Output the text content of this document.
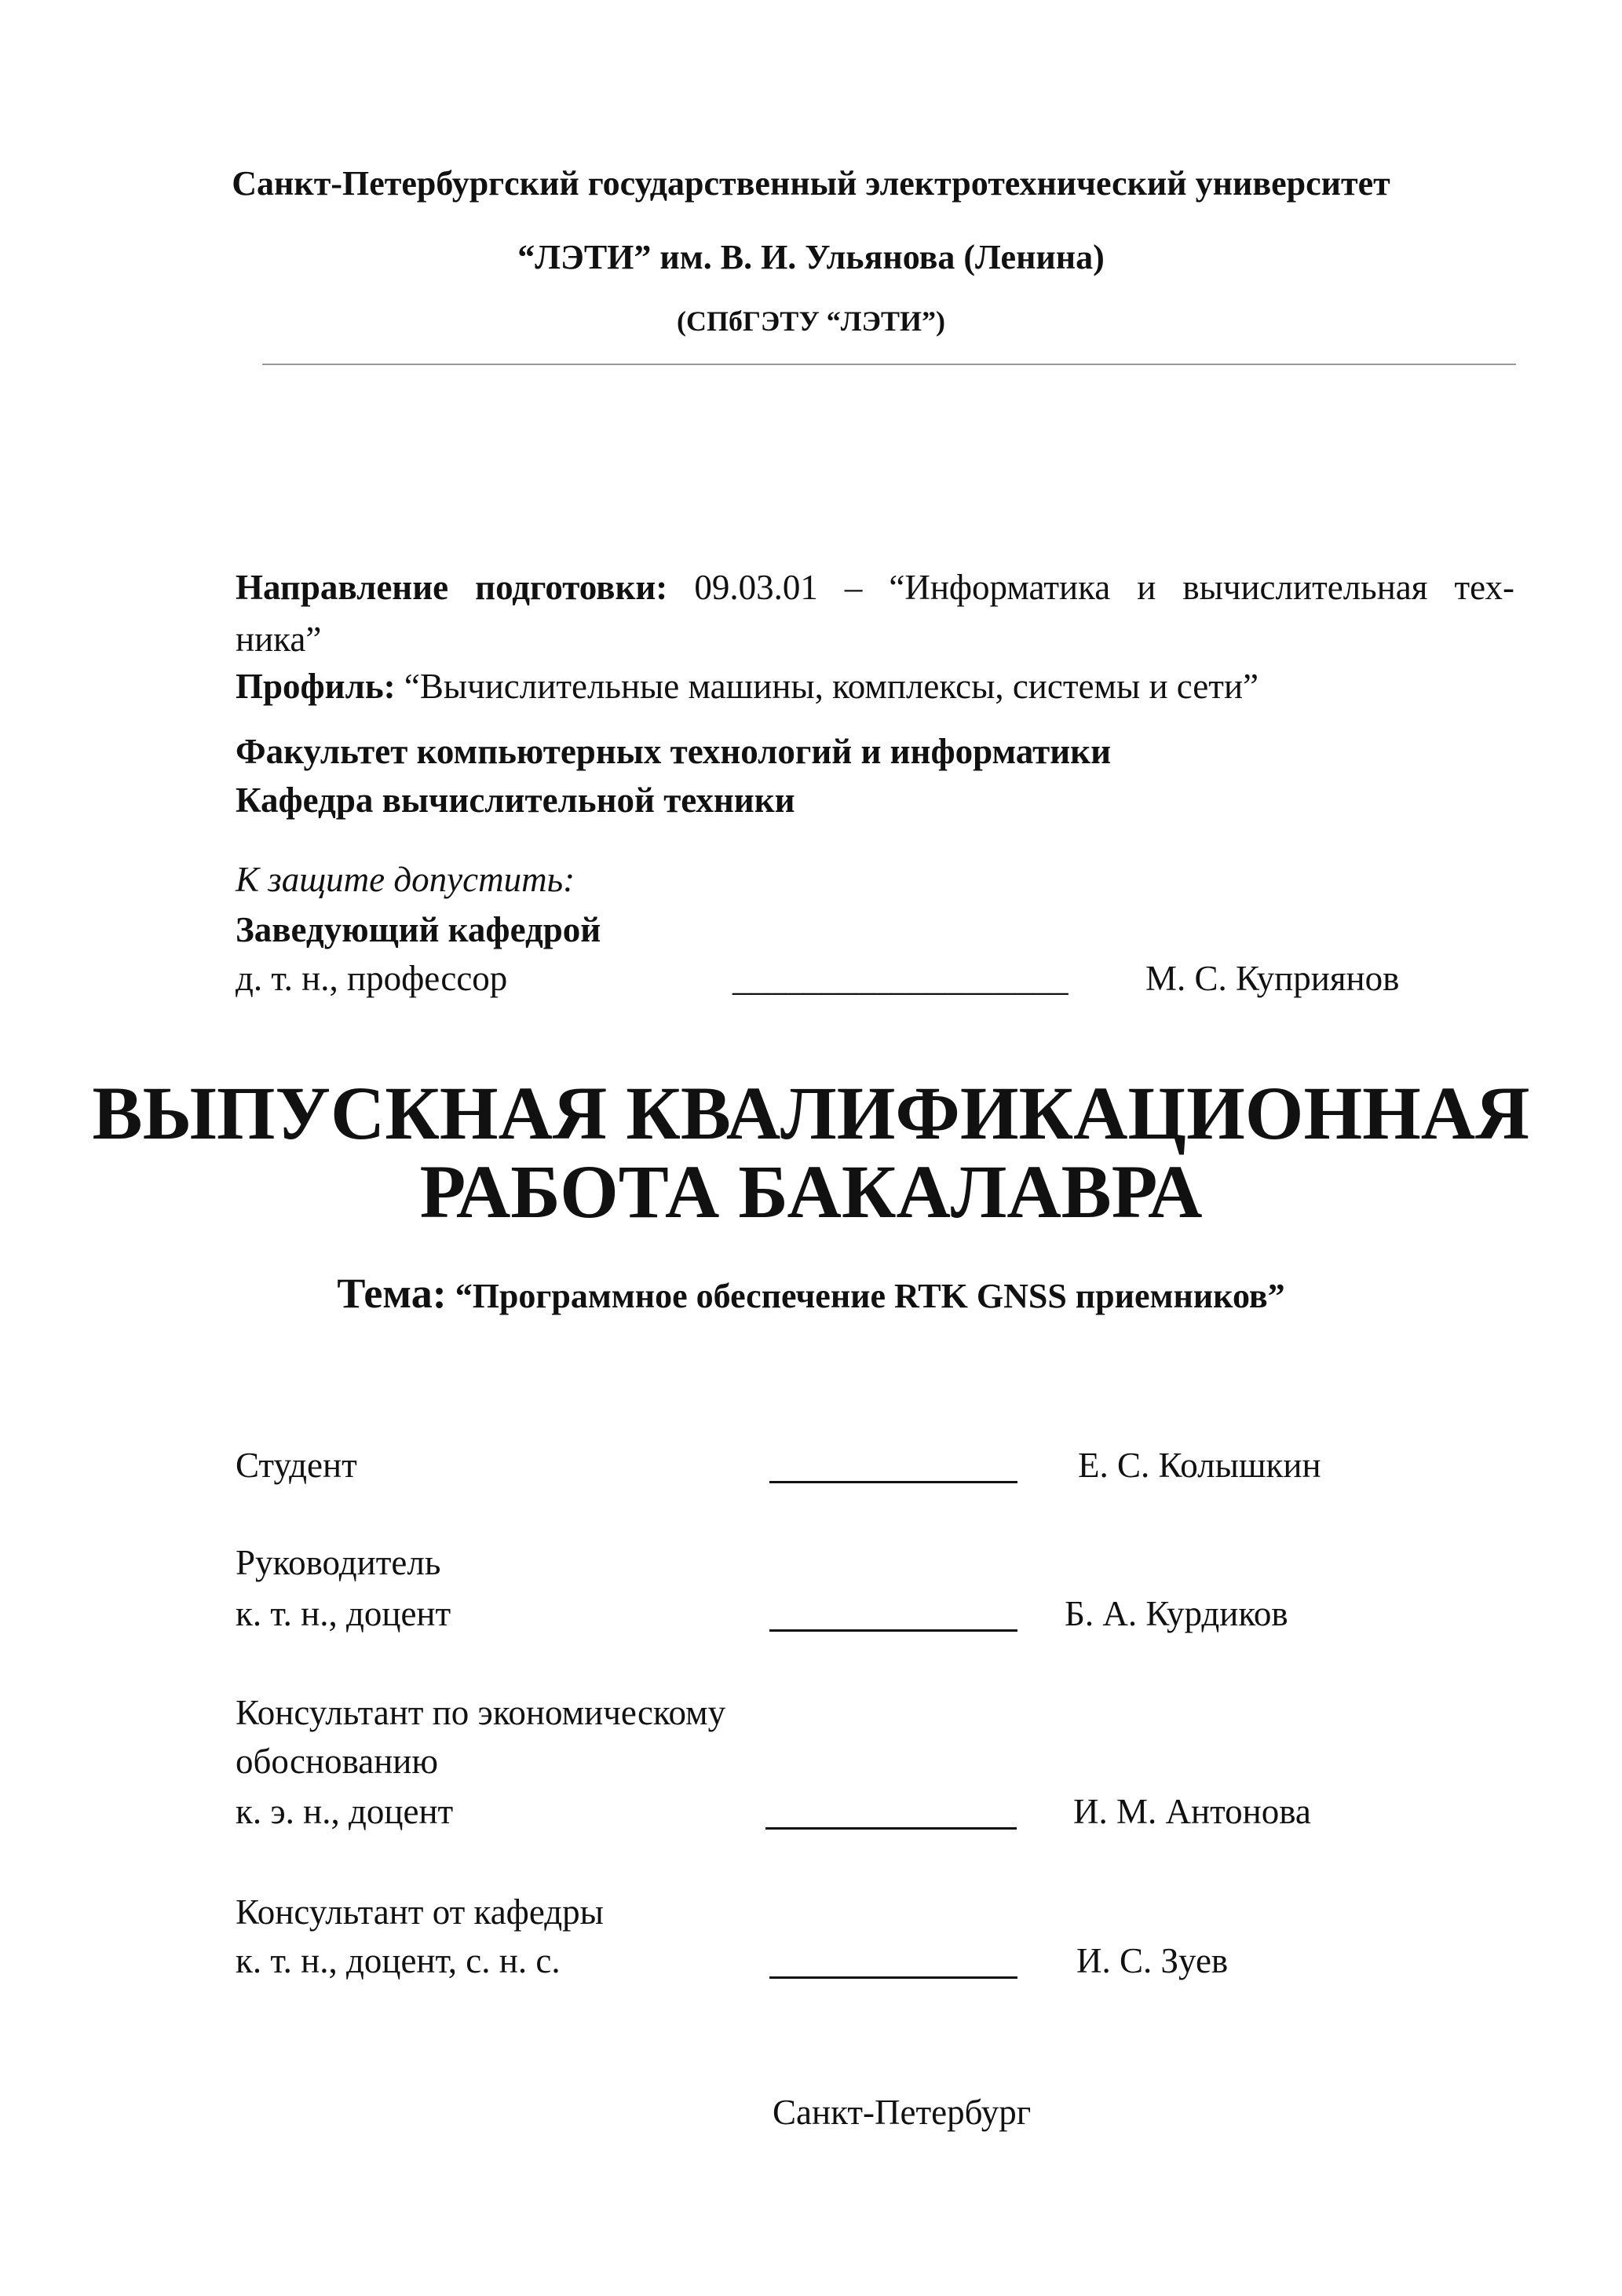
Санкт-Петербургский государственный электротехнический университет
“ЛЭТИ” им. В. И. Ульянова (Ленина)
(СПбГЭТУ “ЛЭТИ”)
Направление подготовки: 09.03.01 – “Информатика и вычислительная тех-
ника”
Профиль: “Вычислительные машины, комплексы, системы и сети”
Факультет компьютерных технологий и информатики
Кафедра вычислительной техники
К защите допустить:
Заведующий кафедрой
д. т. н., профессор	___________________ М. С. Куприянов
ВЫПУСКНАЯ КВАЛИФИКАЦИОННАЯ
РАБОТА БАКАЛАВРА
Тема: “Программное обеспечение RTK GNSS приемников”
Студент	Е. С. Колышкин
Руководитель
к. т. н., доцент	Б. А. Курдиков
Консультант по экономическому
обоснованию
к. э. н., доцент	И. М. Антонова
Консультант от кафедры
к. т. н., доцент, с. н. с.	И. С. Зуев
Санкт-Петербург
